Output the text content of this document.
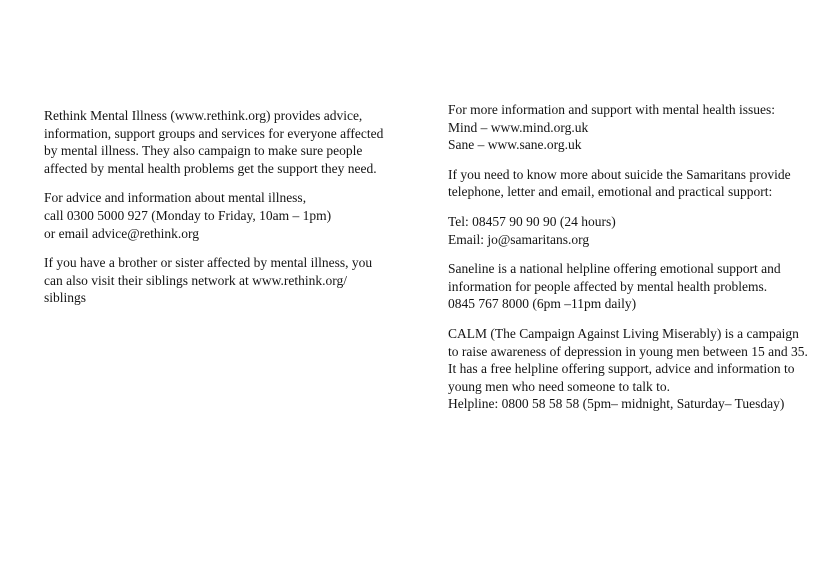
Rethink Mental Illness (www.rethink.org) provides advice,
information, support groups and services for everyone affected
by mental illness. They also campaign to make sure people
affected by mental health problems get the support they need.
For advice and information about mental illness,
call 0300 5000 927 (Monday to Friday, 10am – 1pm)
or email advice@rethink.org
If you have a brother or sister affected by mental illness, you
can also visit their siblings network at www.rethink.org/
siblings
For more information and support with mental health issues:
Mind – www.mind.org.uk
Sane – www.sane.org.uk
If you need to know more about suicide the Samaritans provide
telephone, letter and email, emotional and practical support:
Tel: 08457 90 90 90 (24 hours)
Email: jo@samaritans.org
Saneline is a national helpline offering emotional support and
information for people affected by mental health problems.
0845 767 8000 (6pm –11pm daily)
CALM (The Campaign Against Living Miserably) is a campaign
to raise awareness of depression in young men between 15 and 35.
It has a free helpline offering support, advice and information to
young men who need someone to talk to.
Helpline: 0800 58 58 58 (5pm– midnight, Saturday– Tuesday)
